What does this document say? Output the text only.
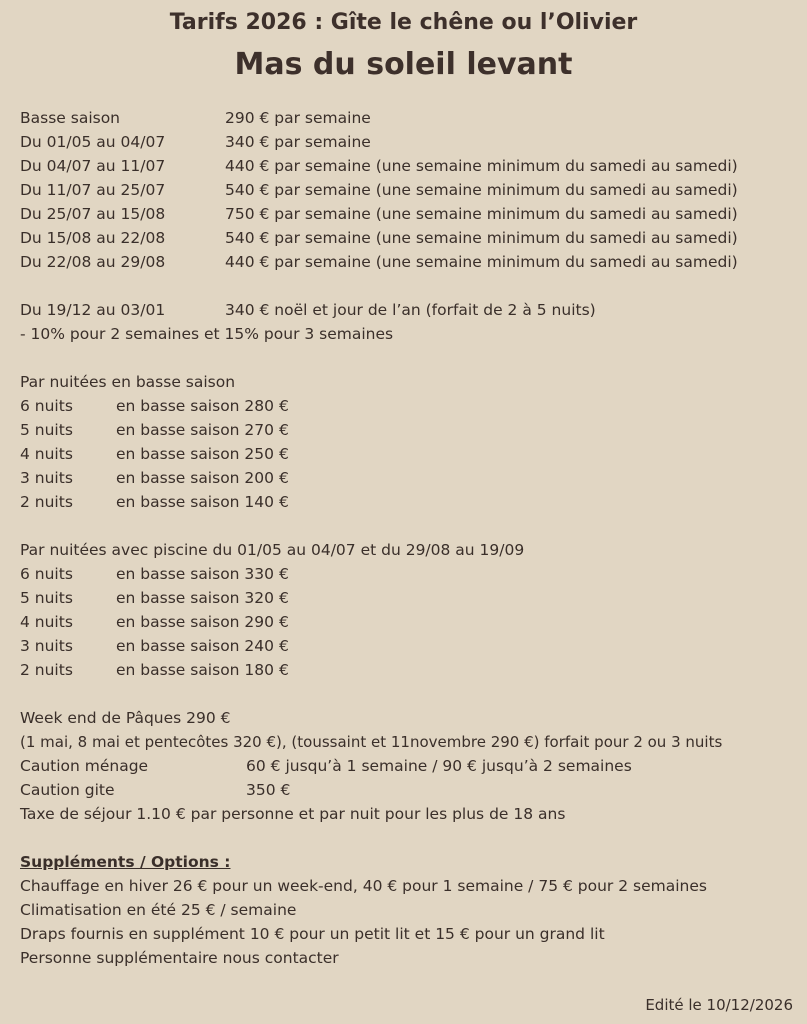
Tarifs 2026 : Gîte le chêne ou l’Olivier
Mas du soleil levant
Basse saison	290 € par semaine
Du 01/05 au 04/07	340 € par semaine
Du 04/07 au 11/07	440 € par semaine (une semaine minimum du samedi au samedi)
Du 11/07 au 25/07	540 € par semaine (une semaine minimum du samedi au samedi)
Du 25/07 au 15/08	750 € par semaine (une semaine minimum du samedi au samedi)
Du 15/08 au 22/08	540 € par semaine (une semaine minimum du samedi au samedi)
Du 22/08 au 29/08	440 € par semaine (une semaine minimum du samedi au samedi)
Du 19/12 au 03/01	340 € noël et jour de l’an (forfait de 2 à 5 nuits)
- 10% pour 2 semaines et 15% pour 3 semaines
Par nuitées en basse saison
6 nuits	en basse saison 280 €
5 nuits	en basse saison 270 €
4 nuits	en basse saison 250 €
3 nuits	en basse saison 200 €
2 nuits	en basse saison 140 €
Par nuitées avec piscine du 01/05 au 04/07 et du 29/08 au 19/09
6 nuits	en basse saison 330 €
5 nuits	en basse saison 320 €
4 nuits	en basse saison 290 €
3 nuits	en basse saison 240 €
2 nuits	en basse saison 180 €
Week end de Pâques 290 €
(1 mai, 8 mai et pentecôtes 320 €), (toussaint et 11novembre 290 €) forfait pour 2 ou 3 nuits
Caution ménage	60 € jusqu’à 1 semaine / 90 € jusqu’à 2 semaines
Caution gite	350 €
Taxe de séjour 1.10 € par personne et par nuit pour les plus de 18 ans
Suppléments / Options :
Chauffage en hiver 26 € pour un week-end, 40 € pour 1 semaine / 75 € pour 2 semaines
Climatisation en été 25 € / semaine
Draps fournis en supplément 10 € pour un petit lit et 15 € pour un grand lit
Personne supplémentaire nous contacter
Edité le 10/12/2026
